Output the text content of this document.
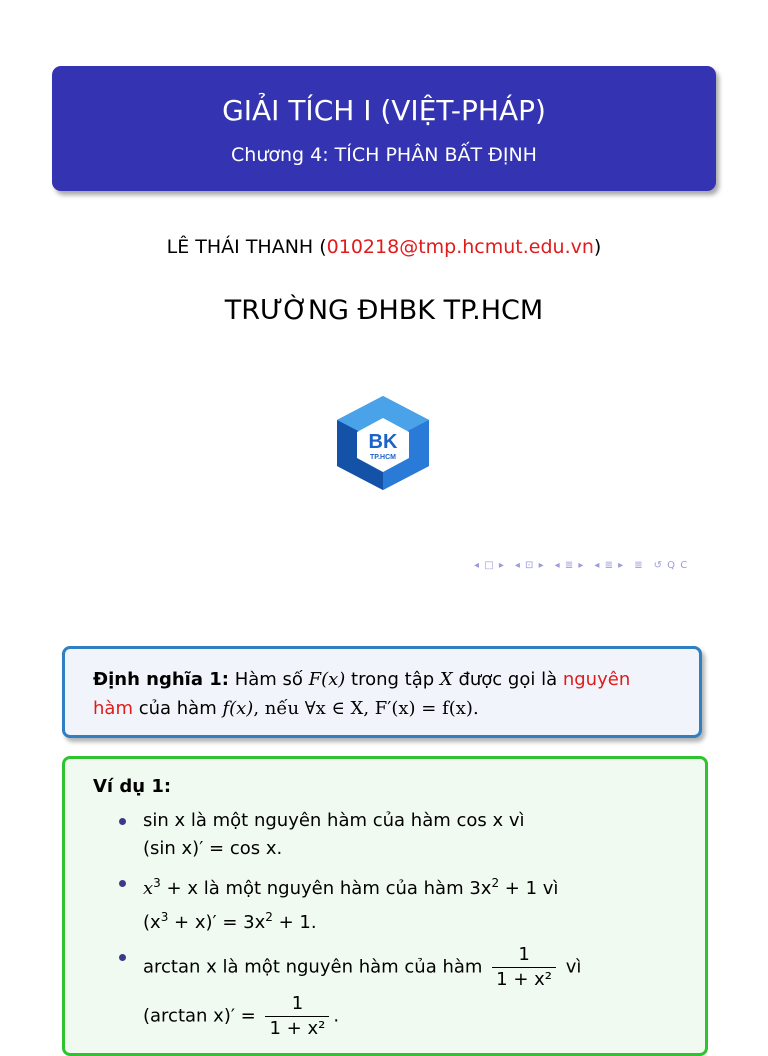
GIẢI TÍCH I (VIỆT-PHÁP)
Chương 4: TÍCH PHÂN BẤT ĐỊNH
LÊ THÁI THANH (010218@tmp.hcmut.edu.vn)
TRƯỜNG ĐHBK TP.HCM
BK
TP.HCM
◂ □ ▸ ◂ ⊡ ▸ ◂ ≣ ▸ ◂ ≣ ▸ ≣ ↺ Q C
Định nghĩa 1: Hàm số F(x) trong tập X được gọi là nguyên
hàm của hàm f(x), nếu ∀x ∈ X, F′(x) = f(x).
Ví dụ 1:
sin x là một nguyên hàm của hàm cos x vì
(sin x)′ = cos x.
$x^3 + x$ là một nguyên hàm của hàm $3x^2 + 1$ vì
$(x^3 + x)' = 3x^2 + 1$.
arctan x là một nguyên hàm của hàm $\frac{1}{\text{1 + x²}}$ vì
(arctan $x)' = \frac{1}{\text{1 + x²}}$ .
